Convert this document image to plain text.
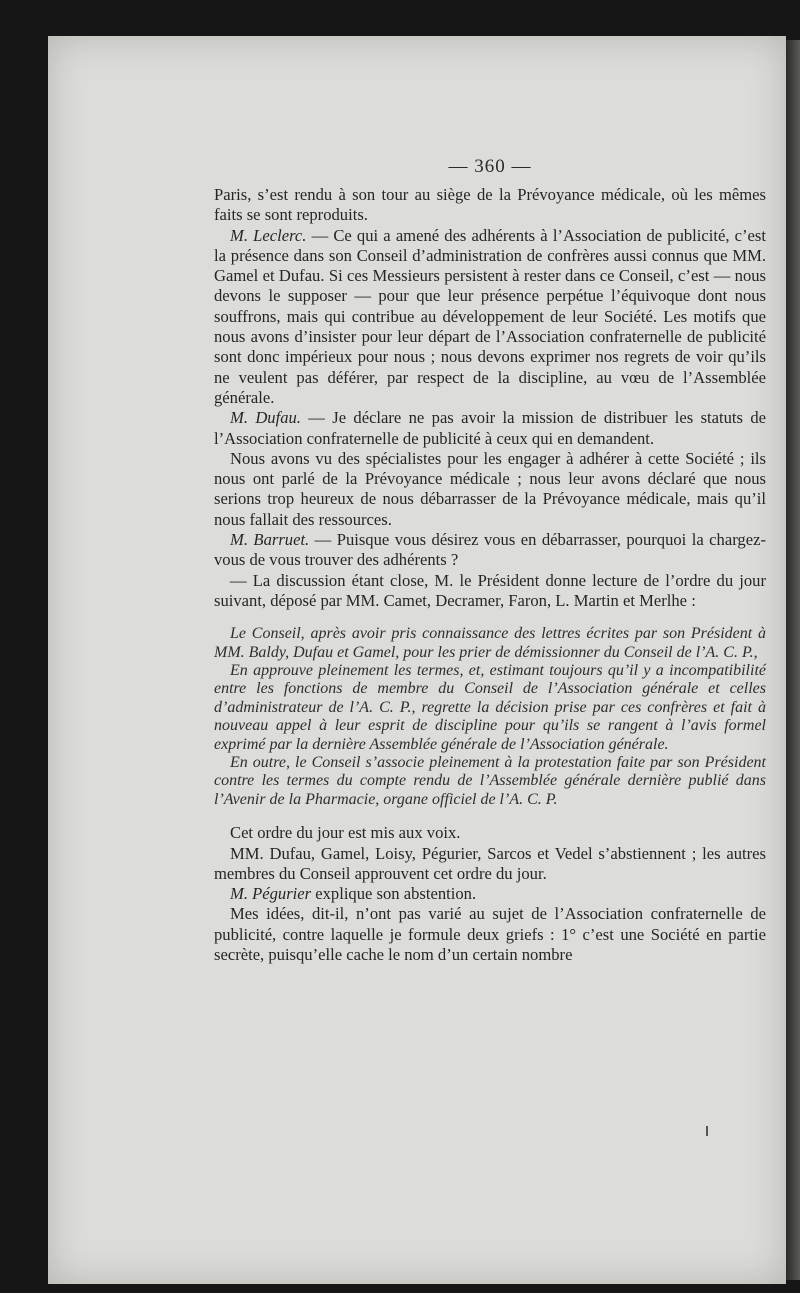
— 360 —

Paris, s’est rendu à son tour au siège de la Prévoyance médicale, où les mêmes faits se sont reproduits.

M. Leclerc. — Ce qui a amené des adhérents à l’Association de publicité, c’est la présence dans son Conseil d’administration de confrères aussi connus que MM. Gamel et Dufau. Si ces Messieurs persistent à rester dans ce Conseil, c’est — nous devons le supposer — pour que leur présence perpétue l’équivoque dont nous souffrons, mais qui contribue au développement de leur Société. Les motifs que nous avons d’insister pour leur départ de l’Association confraternelle de publicité sont donc impérieux pour nous ; nous devons exprimer nos regrets de voir qu’ils ne veulent pas déférer, par respect de la discipline, au vœu de l’Assemblée générale.

M. Dufau. — Je déclare ne pas avoir la mission de distribuer les statuts de l’Association confraternelle de publicité à ceux qui en demandent.

Nous avons vu des spécialistes pour les engager à adhérer à cette Société ; ils nous ont parlé de la Prévoyance médicale ; nous leur avons déclaré que nous serions trop heureux de nous débarrasser de la Prévoyance médicale, mais qu’il nous fallait des ressources.

M. Barruet. — Puisque vous désirez vous en débarrasser, pourquoi la chargez-vous de vous trouver des adhérents ?

— La discussion étant close, M. le Président donne lecture de l’ordre du jour suivant, déposé par MM. Camet, Decramer, Faron, L. Martin et Merlhe :

Le Conseil, après avoir pris connaissance des lettres écrites par son Président à MM. Baldy, Dufau et Gamel, pour les prier de démissionner du Conseil de l’A. C. P.,

En approuve pleinement les termes, et, estimant toujours qu’il y a incompatibilité entre les fonctions de membre du Conseil de l’Association générale et celles d’administrateur de l’A. C. P., regrette la décision prise par ces confrères et fait à nouveau appel à leur esprit de discipline pour qu’ils se rangent à l’avis formel exprimé par la dernière Assemblée générale de l’Association générale.

En outre, le Conseil s’associe pleinement à la protestation faite par son Président contre les termes du compte rendu de l’Assemblée générale dernière publié dans l’Avenir de la Pharmacie, organe officiel de l’A. C. P.

Cet ordre du jour est mis aux voix.

MM. Dufau, Gamel, Loisy, Pégurier, Sarcos et Vedel s’abstiennent ; les autres membres du Conseil approuvent cet ordre du jour.

M. Pégurier explique son abstention.

Mes idées, dit-il, n’ont pas varié au sujet de l’Association confraternelle de publicité, contre laquelle je formule deux griefs : 1° c’est une Société en partie secrète, puisqu’elle cache le nom d’un certain nombre
